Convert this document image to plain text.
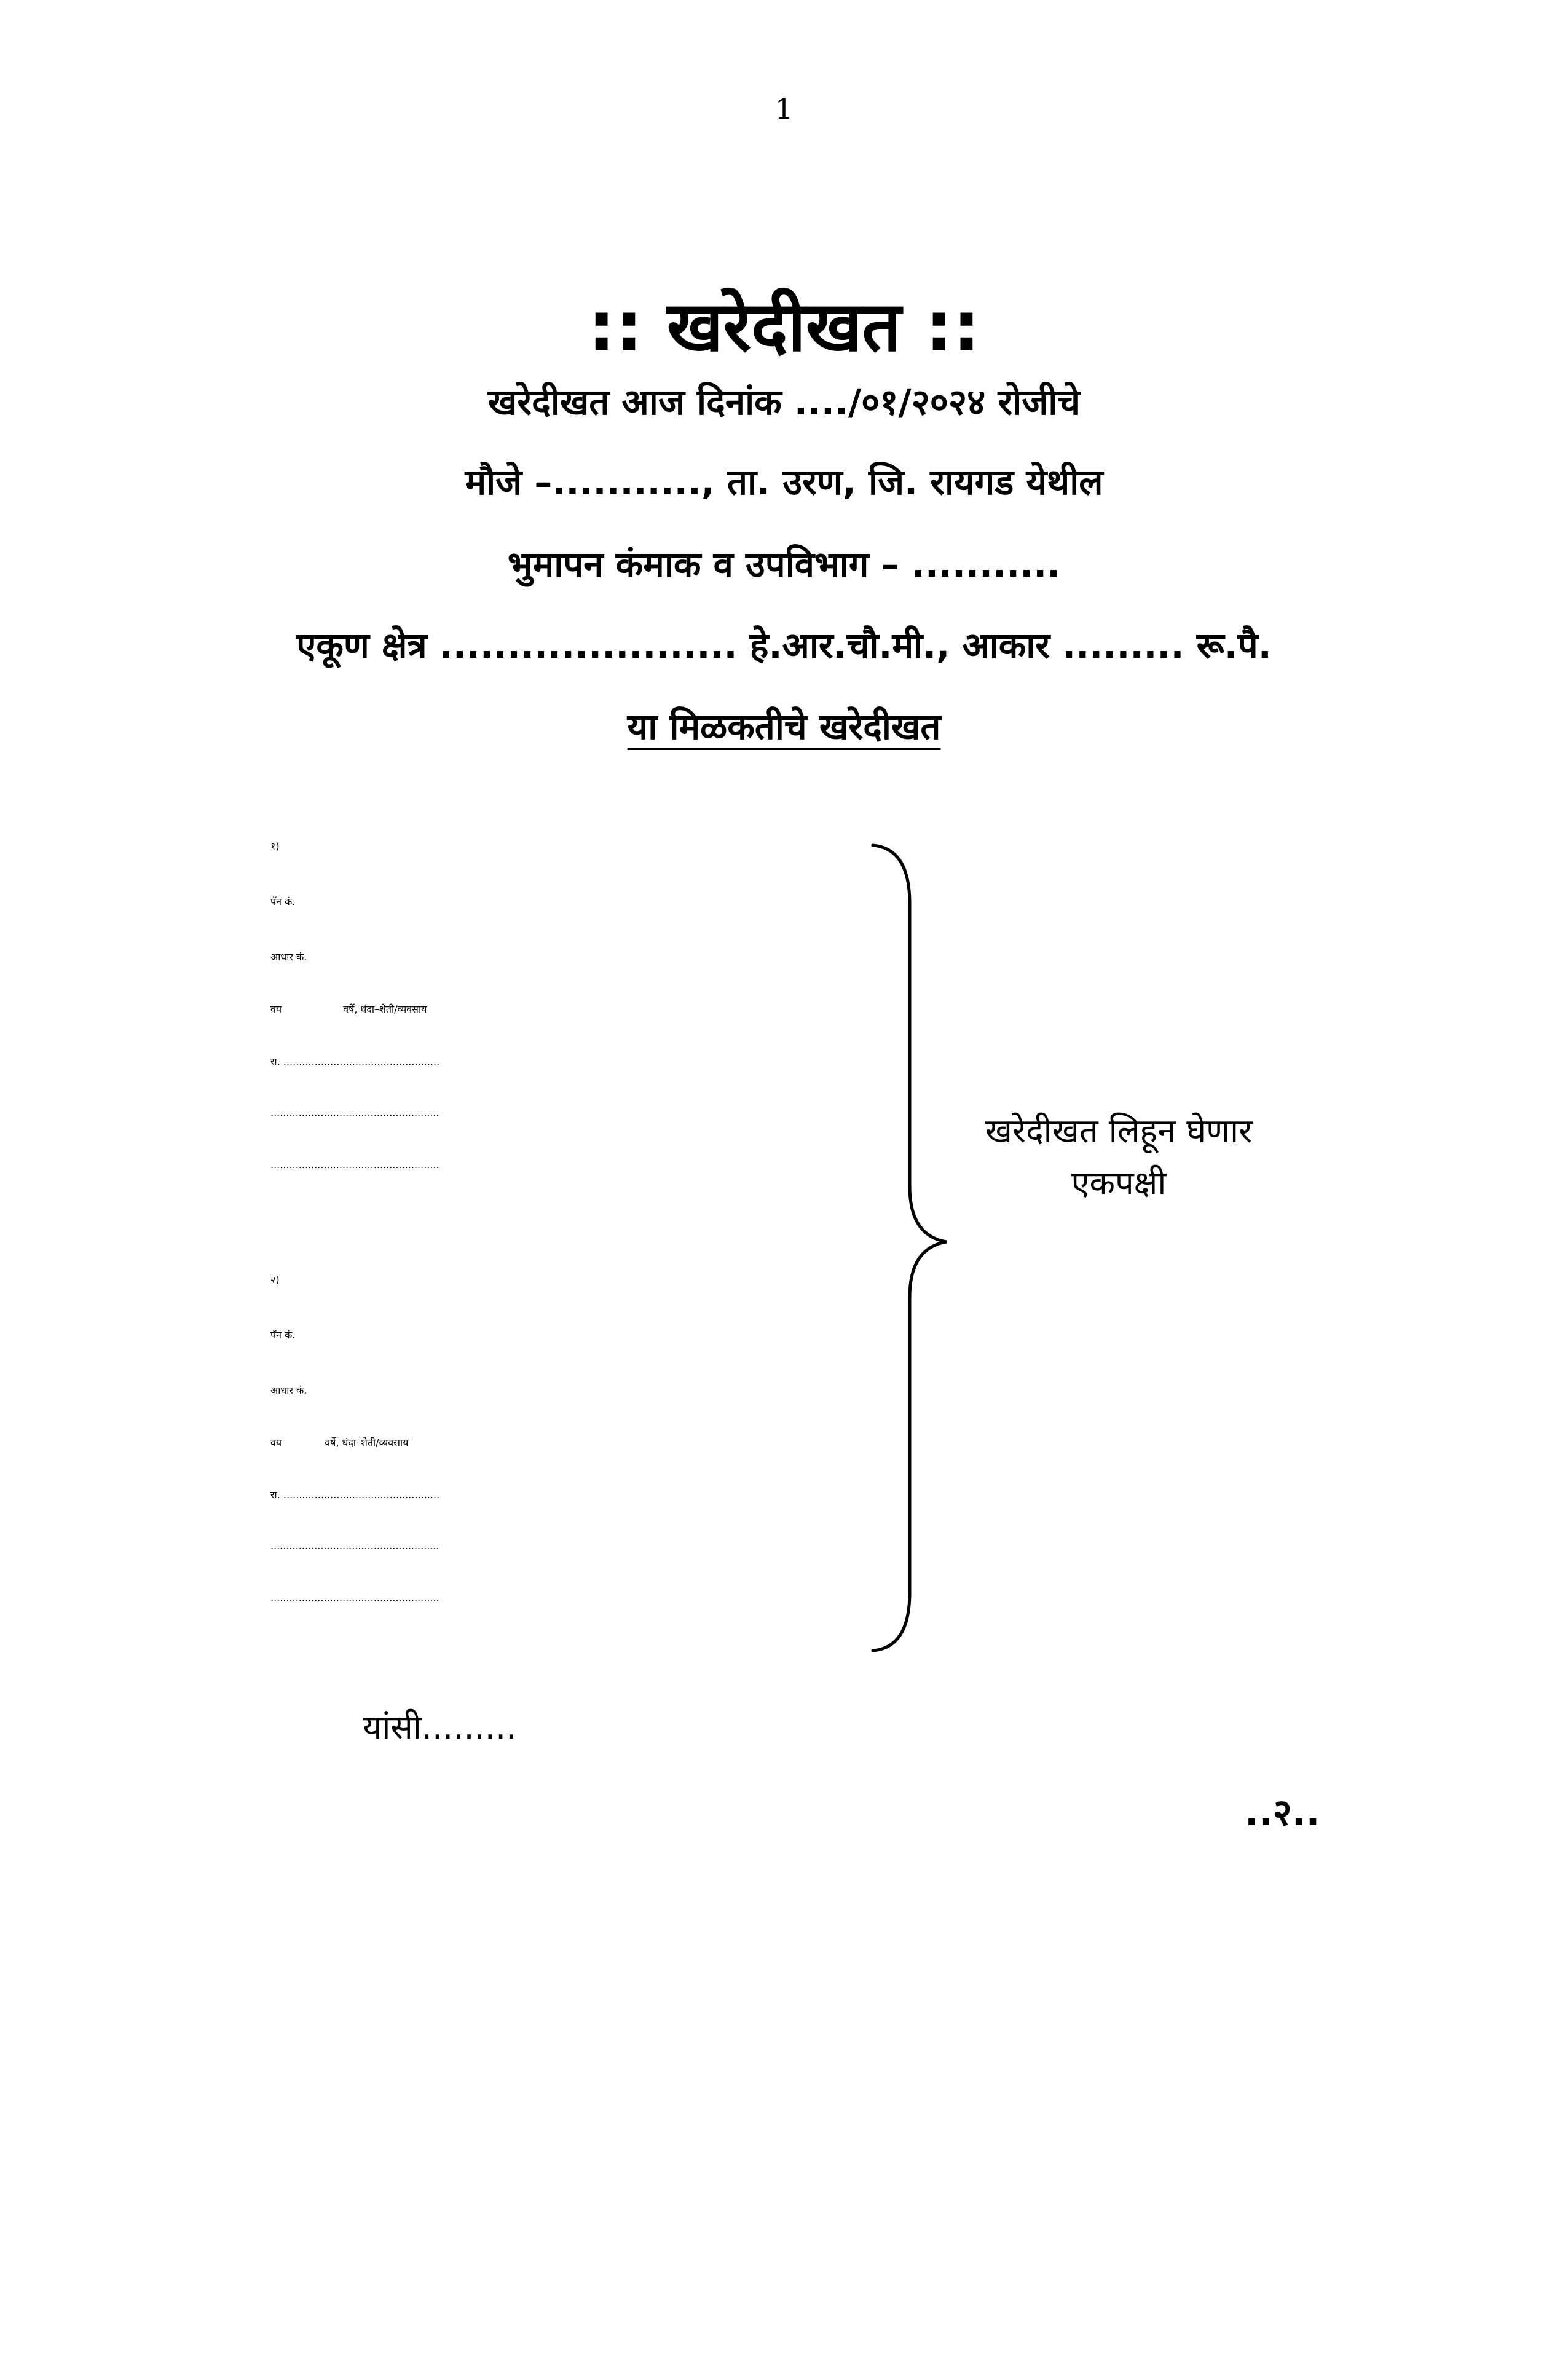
1
:: खरेदीखत ::
खरेदीखत आज दिनांक ..../०१/२०२४ रोजीचे
मौजे –..........., ता. उरण, जि. रायगड येथील
भुमापन कंमाक व उपविभाग – ...........
एकूण क्षेत्र ...................... हे.आर.चौ.मी., आकार ......... रू.पै.
या मिळकतीचे खरेदीखत
१)
पॅन कं.
आधार कं.
वय	वर्षे, धंदा–शेती/व्यवसाय
रा. ..................................................
......................................................
......................................................
२)
पॅन कं.
आधार कं.
वय	वर्षे, धंदा–शेती/व्यवसाय
रा. ..................................................
......................................................
......................................................
खरेदीखत लिहून घेणार
एकपक्षी
यांसी.........
..२..
